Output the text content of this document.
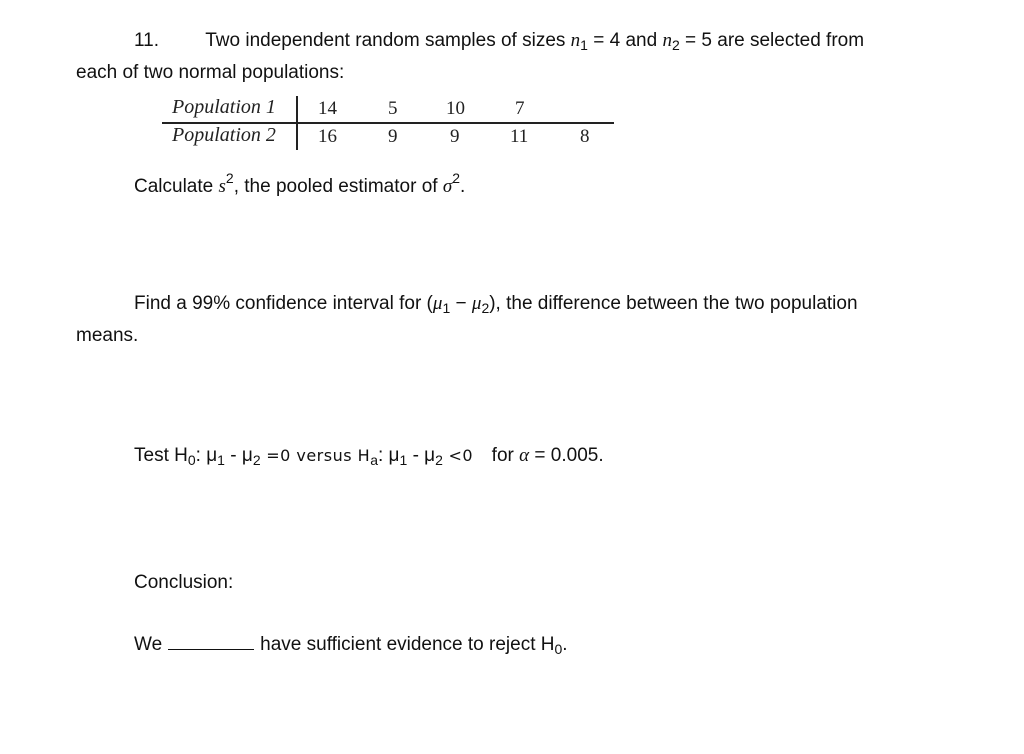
11. Two independent random samples of sizes $n_1 = 4$ and $n_2 = 5$ are selected from
each of two normal populations:
Population 1 14	5	10	7
Population 2 16	9	9	11	8
Calculate $s^2$, the pooled estimator of $\sigma^2$.
Find a 99% confidence interval for $(\mu_1 - \mu_2)$, the difference between the two population
means.
Test $H_0$: $\mu_1 - \mu_2 =0$ versus $H_a$: $\mu_1 - \mu_2 <0$ for α = 0.005.
Conclusion:
We	have sufficient evidence to reject $H_0$.
